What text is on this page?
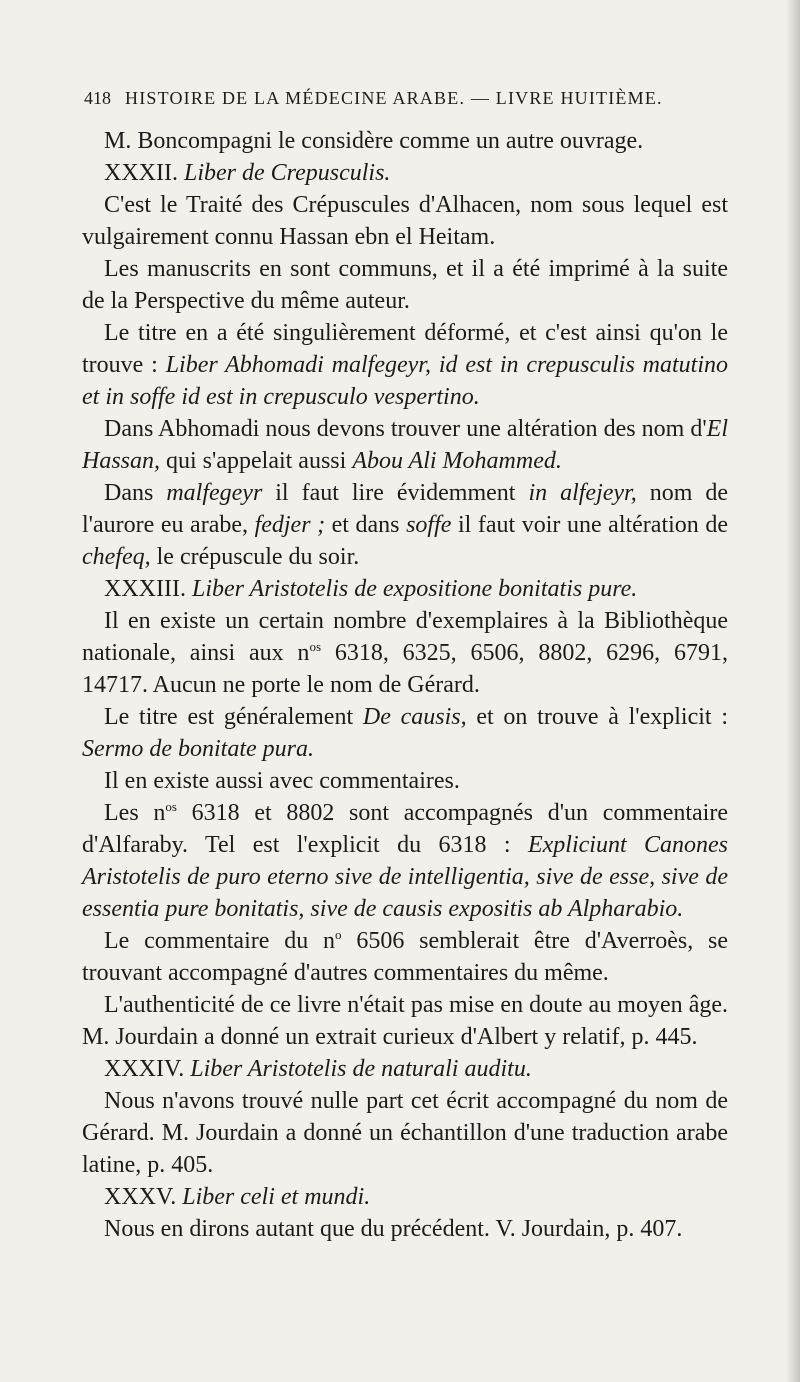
418 HISTOIRE DE LA MÉDECINE ARABE. — LIVRE HUITIÈME.

M. Boncompagni le considère comme un autre ouvrage.

XXXII. Liber de Crepusculis.

C'est le Traité des Crépuscules d'Alhacen, nom sous lequel est vulgairement connu Hassan ebn el Heitam.

Les manuscrits en sont communs, et il a été imprimé à la suite de la Perspective du même auteur.

Le titre en a été singulièrement déformé, et c'est ainsi qu'on le trouve : Liber Abhomadi malfegeyr, id est in crepusculis matutino et in soffe id est in crepusculo vespertino.

Dans Abhomadi nous devons trouver une altération des nom d'El Hassan, qui s'appelait aussi Abou Ali Mohammed.

Dans malfegeyr il faut lire évidemment in alfejeyr, nom de l'aurore eu arabe, fedjer ; et dans soffe il faut voir une altération de chefeq, le crépuscule du soir.

XXXIII. Liber Aristotelis de expositione bonitatis pure.

Il en existe un certain nombre d'exemplaires à la Bibliothèque nationale, ainsi aux $n^{os}$ 6318, 6325, 6506, 8802, 6296, 6791, 14717. Aucun ne porte le nom de Gérard.

Le titre est généralement De causis, et on trouve à l'explicit : Sermo de bonitate pura.

Il en existe aussi avec commentaires.

Les $n^{os}$ 6318 et 8802 sont accompagnés d'un commentaire d'Alfaraby. Tel est l'explicit du 6318 : Expliciunt Canones Aristotelis de puro eterno sive de intelligentia, sive de esse, sive de essentia pure bonitatis, sive de causis expositis ab Alpharabio.

Le commentaire du $n^o$ 6506 semblerait être d'Averroès, se trouvant accompagné d'autres commentaires du même.

L'authenticité de ce livre n'était pas mise en doute au moyen âge. M. Jourdain a donné un extrait curieux d'Albert y relatif, p. 445.

XXXIV. Liber Aristotelis de naturali auditu.

Nous n'avons trouvé nulle part cet écrit accompagné du nom de Gérard. M. Jourdain a donné un échantillon d'une traduction arabe latine, p. 405.

XXXV. Liber celi et mundi.

Nous en dirons autant que du précédent. V. Jourdain, p. 407.
